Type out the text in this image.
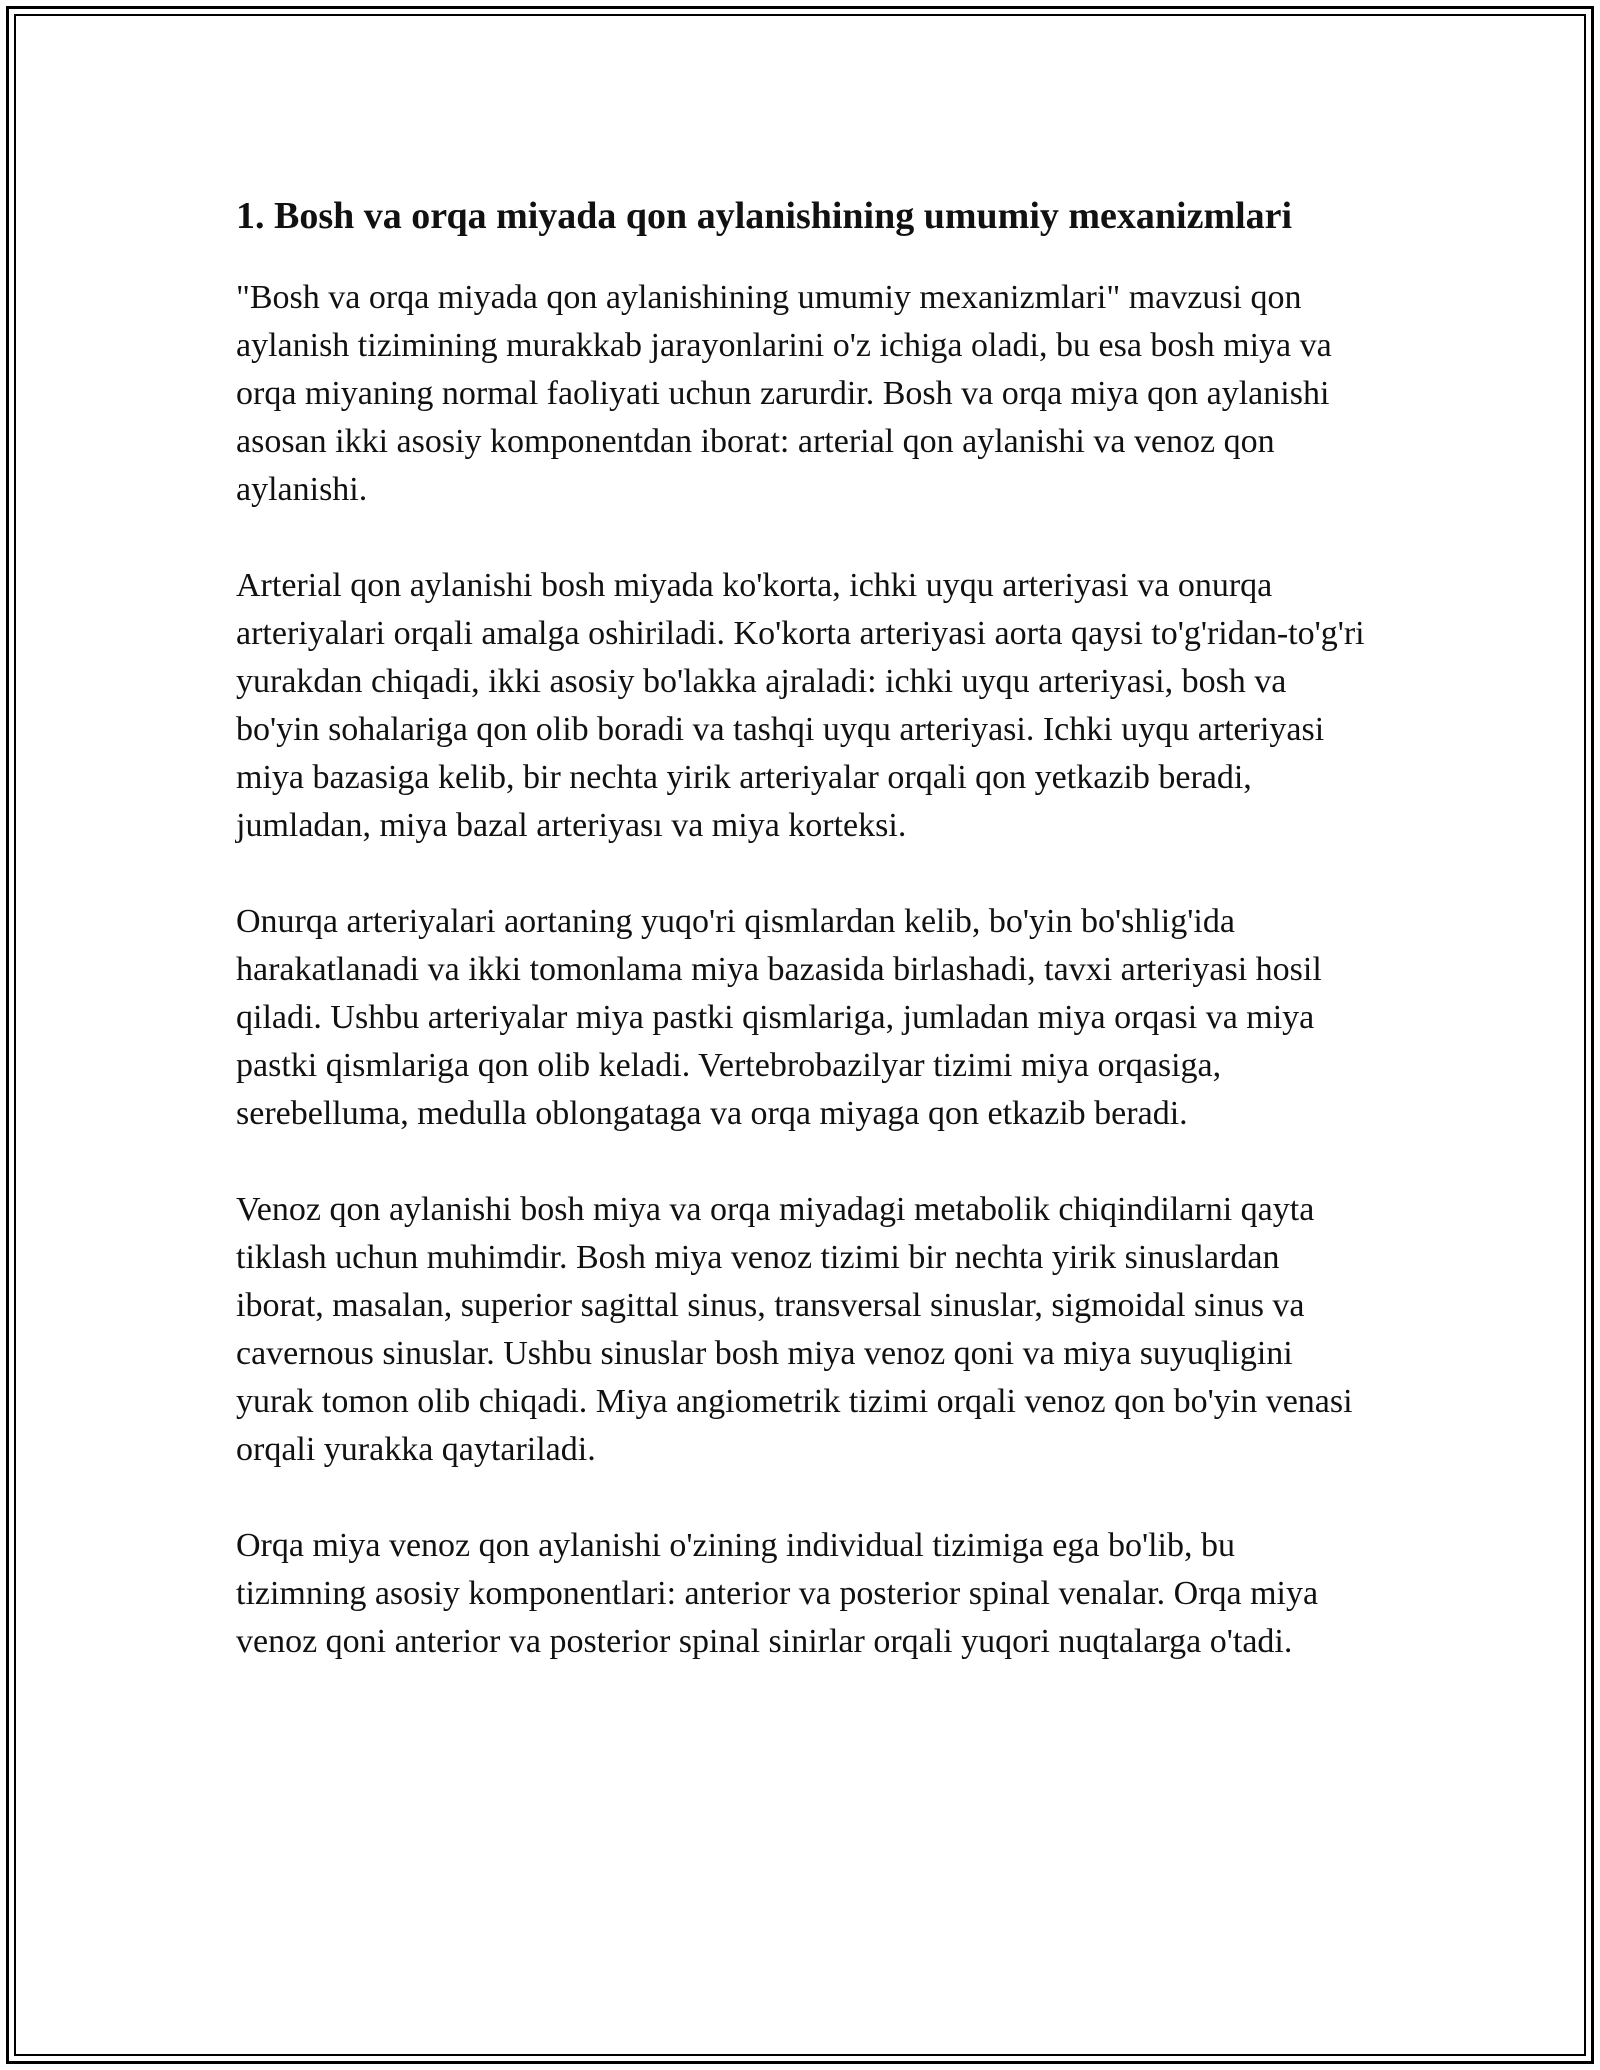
1. Bosh va orqa miyada qon aylanishining umumiy mexanizmlari

"Bosh va orqa miyada qon aylanishining umumiy mexanizmlari" mavzusi qon aylanish tizimining murakkab jarayonlarini o'z ichiga oladi, bu esa bosh miya va orqa miyaning normal faoliyati uchun zarurdir. Bosh va orqa miya qon aylanishi asosan ikki asosiy komponentdan iborat: arterial qon aylanishi va venoz qon aylanishi.

Arterial qon aylanishi bosh miyada ko'korta, ichki uyqu arteriyasi va onurqa arteriyalari orqali amalga oshiriladi. Ko'korta arteriyasi aorta qaysi to'g'ridan-to'g'ri yurakdan chiqadi, ikki asosiy bo'lakka ajraladi: ichki uyqu arteriyasi, bosh va bo'yin sohalariga qon olib boradi va tashqi uyqu arteriyasi. Ichki uyqu arteriyasi miya bazasiga kelib, bir nechta yirik arteriyalar orqali qon yetkazib beradi, jumladan, miya bazal arteriyası va miya korteksi.

Onurqa arteriyalari aortaning yuqo'ri qismlardan kelib, bo'yin bo'shlig'ida harakatlanadi va ikki tomonlama miya bazasida birlashadi, tavxi arteriyasi hosil qiladi. Ushbu arteriyalar miya pastki qismlariga, jumladan miya orqasi va miya pastki qismlariga qon olib keladi. Vertebrobazilyar tizimi miya orqasiga, serebelluma, medulla oblongataga va orqa miyaga qon etkazib beradi.

Venoz qon aylanishi bosh miya va orqa miyadagi metabolik chiqindilarni qayta tiklash uchun muhimdir. Bosh miya venoz tizimi bir nechta yirik sinuslardan iborat, masalan, superior sagittal sinus, transversal sinuslar, sigmoidal sinus va cavernous sinuslar. Ushbu sinuslar bosh miya venoz qoni va miya suyuqligini yurak tomon olib chiqadi. Miya angiometrik tizimi orqali venoz qon bo'yin venasi orqali yurakka qaytariladi.

Orqa miya venoz qon aylanishi o'zining individual tizimiga ega bo'lib, bu tizimning asosiy komponentlari: anterior va posterior spinal venalar. Orqa miya venoz qoni anterior va posterior spinal sinirlar orqali yuqori nuqtalarga o'tadi.
